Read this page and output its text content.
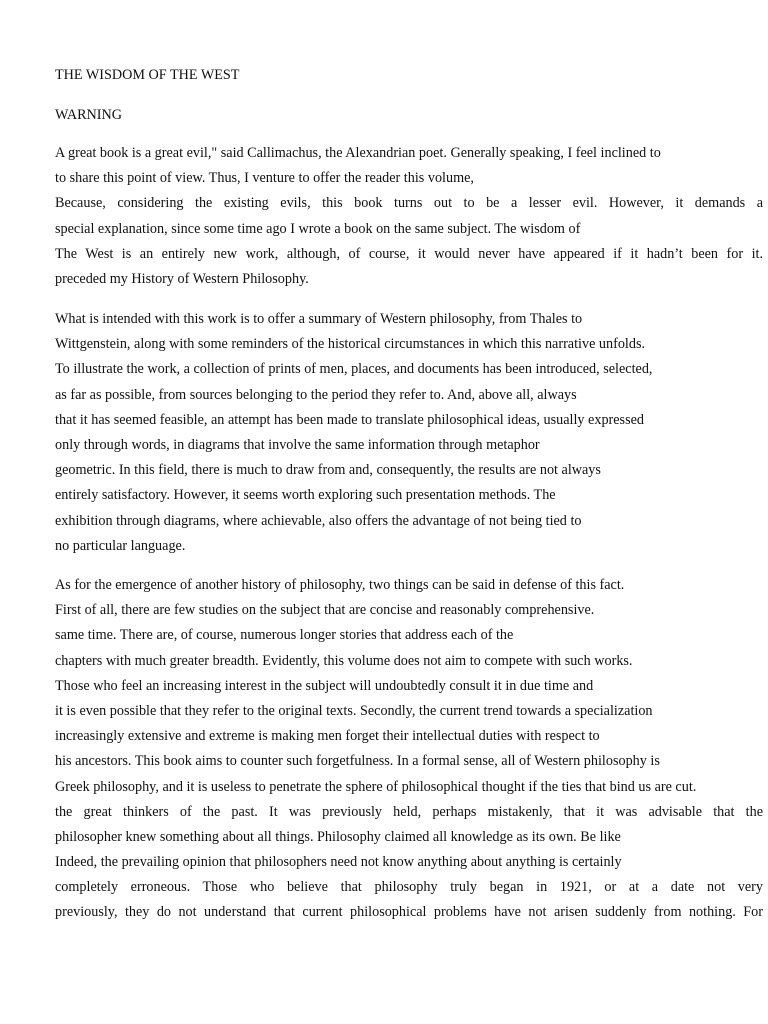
THE WISDOM OF THE WEST
WARNING
A great book is a great evil," said Callimachus, the Alexandrian poet. Generally speaking, I feel inclined to
to share this point of view. Thus, I venture to offer the reader this volume,
Because, considering the existing evils, this book turns out to be a lesser evil. However, it demands a
special explanation, since some time ago I wrote a book on the same subject. The wisdom of
The West is an entirely new work, although, of course, it would never have appeared if it hadn’t been for it.
preceded my History of Western Philosophy.
What is intended with this work is to offer a summary of Western philosophy, from Thales to
Wittgenstein, along with some reminders of the historical circumstances in which this narrative unfolds.
To illustrate the work, a collection of prints of men, places, and documents has been introduced, selected,
as far as possible, from sources belonging to the period they refer to. And, above all, always
that it has seemed feasible, an attempt has been made to translate philosophical ideas, usually expressed
only through words, in diagrams that involve the same information through metaphor
geometric. In this field, there is much to draw from and, consequently, the results are not always
entirely satisfactory. However, it seems worth exploring such presentation methods. The
exhibition through diagrams, where achievable, also offers the advantage of not being tied to
no particular language.
As for the emergence of another history of philosophy, two things can be said in defense of this fact.
First of all, there are few studies on the subject that are concise and reasonably comprehensive.
same time. There are, of course, numerous longer stories that address each of the
chapters with much greater breadth. Evidently, this volume does not aim to compete with such works.
Those who feel an increasing interest in the subject will undoubtedly consult it in due time and
it is even possible that they refer to the original texts. Secondly, the current trend towards a specialization
increasingly extensive and extreme is making men forget their intellectual duties with respect to
his ancestors. This book aims to counter such forgetfulness. In a formal sense, all of Western philosophy is
Greek philosophy, and it is useless to penetrate the sphere of philosophical thought if the ties that bind us are cut.
the great thinkers of the past. It was previously held, perhaps mistakenly, that it was advisable that the
philosopher knew something about all things. Philosophy claimed all knowledge as its own. Be like
Indeed, the prevailing opinion that philosophers need not know anything about anything is certainly
completely erroneous. Those who believe that philosophy truly began in 1921, or at a date not very
previously, they do not understand that current philosophical problems have not arisen suddenly from nothing. For
